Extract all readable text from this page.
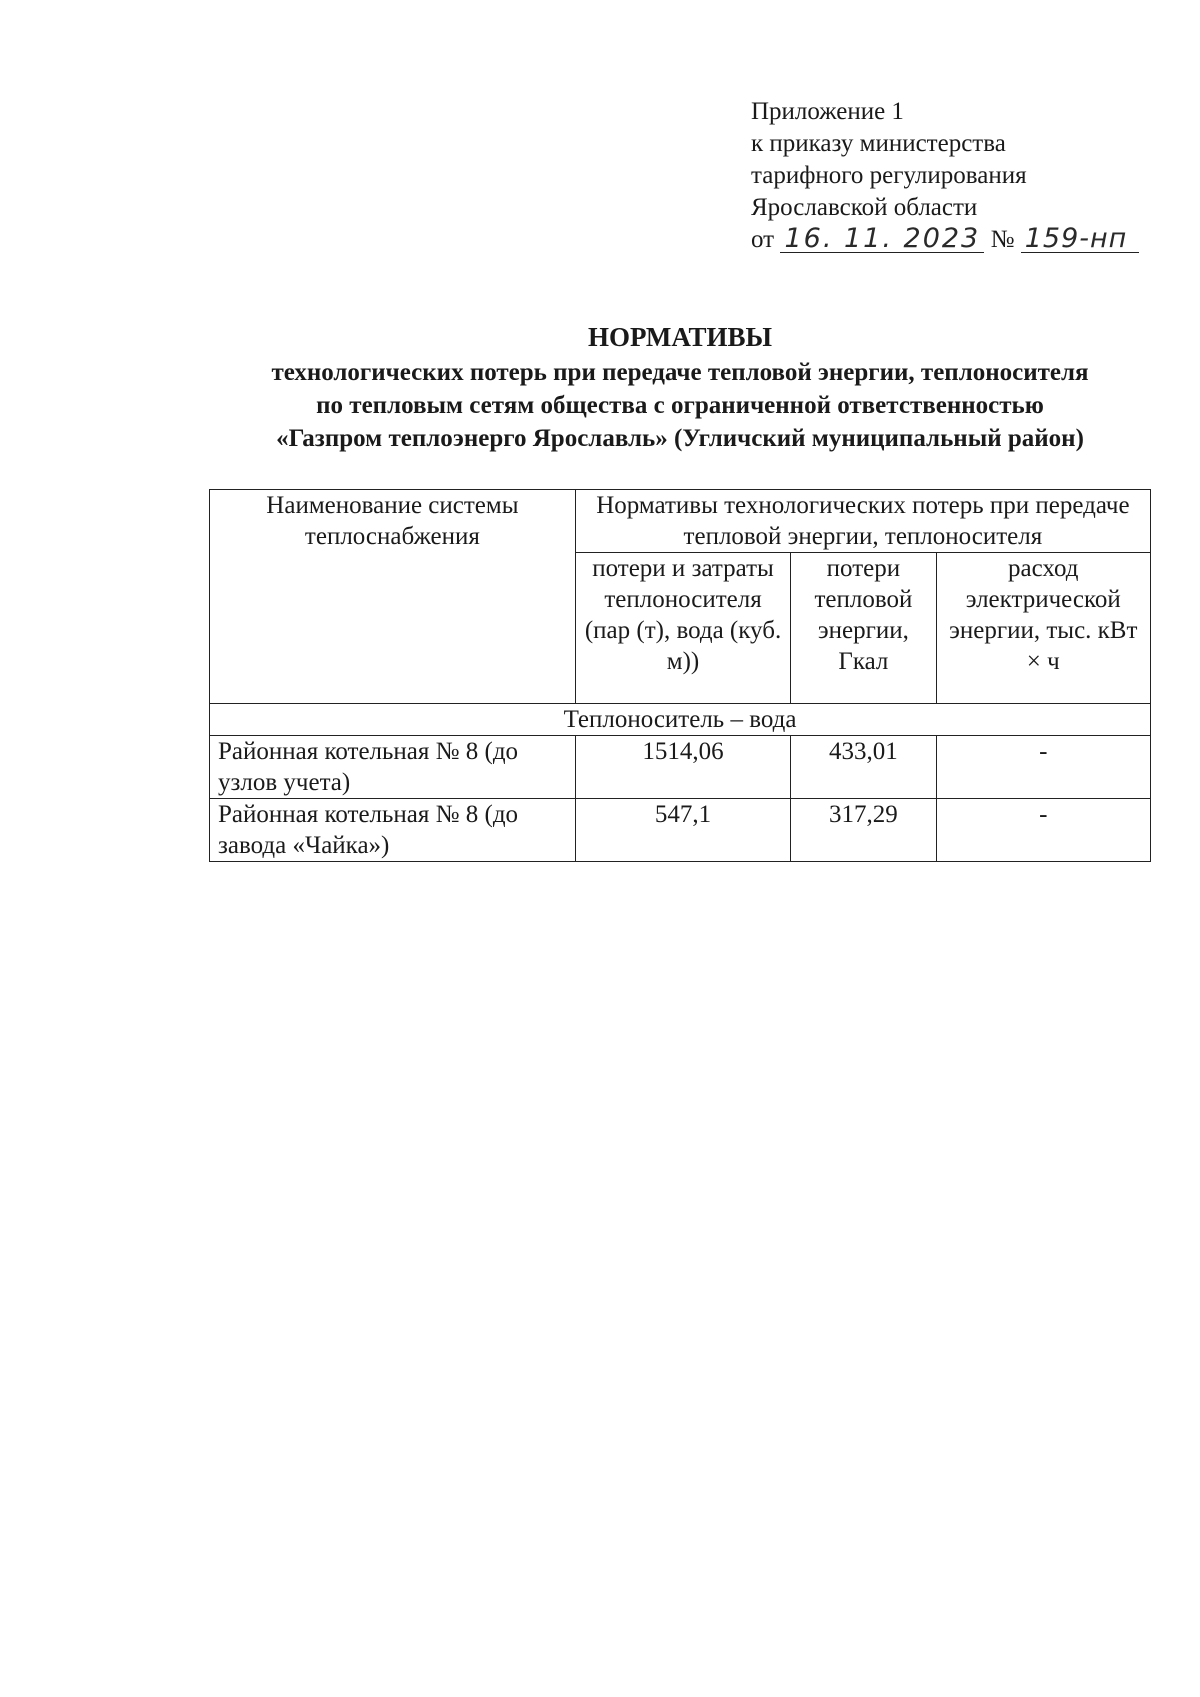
Приложение 1
к приказу министерства
тарифного регулирования
Ярославской области
от 16. 11. 2023 № 159-нп
НОРМАТИВЫ
технологических потерь при передаче тепловой энергии, теплоносителя
по тепловым сетям общества с ограниченной ответственностью
«Газпром теплоэнерго Ярославль» (Угличский муниципальный район)
Наименование системы теплоснабжения	Нормативы технологических потерь при передаче тепловой энергии, теплоносителя		
	потери и затраты теплоносителя (пар (т), вода (куб. м))	потери тепловой энергии, Гкал	расход электрической энергии, тыс. кВт × ч
Теплоноситель – вода			
Районная котельная № 8 (до узлов учета)	1514,06	433,01	-
Районная котельная № 8 (до завода «Чайка»)	547,1	317,29	-
